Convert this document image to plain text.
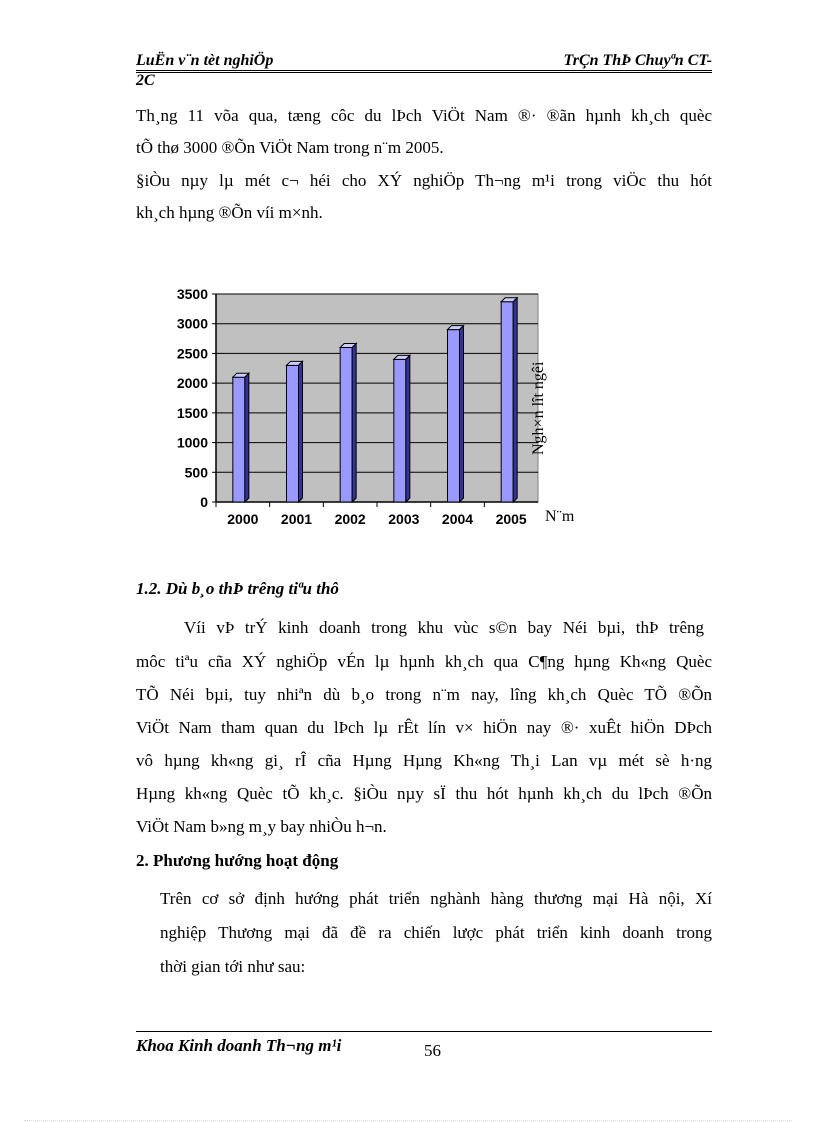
LuËn v¨n tèt nghiÖp	TrÇn ThÞ Chuyªn CT-
2C
Th¸ng 11 võa qua, tæng côc du lÞch ViÖt Nam ®· ®ãn hµnh kh¸ch quèc
tÕ thø 3000 ®Õn ViÖt Nam trong n¨m 2005.
§iÒu nµy lµ mét c¬ héi cho XÝ nghiÖp Th¬ng m¹i trong viÖc thu hót
kh¸ch hµng ®Õn víi m×nh.
0
500
1000
1500
2000
2500
3000
3500
2000 2001 2002 2003 2004 2005
Ngh×n lît ngêi
N¨m
1.2. Dù b¸o thÞ trêng tiªu thô
Víi vÞ trÝ kinh doanh trong khu vùc s©n bay Néi bµi, thÞ trêng
môc tiªu cña XÝ nghiÖp vÉn lµ hµnh kh¸ch qua C¶ng hµng Kh«ng Quèc
TÕ Néi bµi, tuy nhiªn dù b¸o trong n¨m nay, lîng kh¸ch Quèc TÕ ®Õn
ViÖt Nam tham quan du lÞch lµ rÊt lín v× hiÖn nay ®· xuÊt hiÖn DÞch
vô hµng kh«ng gi¸ rÎ cña Hµng Hµng Kh«ng Th¸i Lan vµ mét sè h·ng
Hµng kh«ng Quèc tÕ kh¸c. §iÒu nµy sÏ thu hót hµnh kh¸ch du lÞch ®Õn
ViÖt Nam b»ng m¸y bay nhiÒu h¬n.
2. Phương hướng hoạt động
Trên cơ sở định hướng phát triển nghành hàng thương mại Hà nội, Xí
nghiệp Thương mại đã đề ra chiến lược phát triển kinh doanh trong
thời gian tới như sau:
Khoa Kinh doanh Th¬ng m¹i	56
